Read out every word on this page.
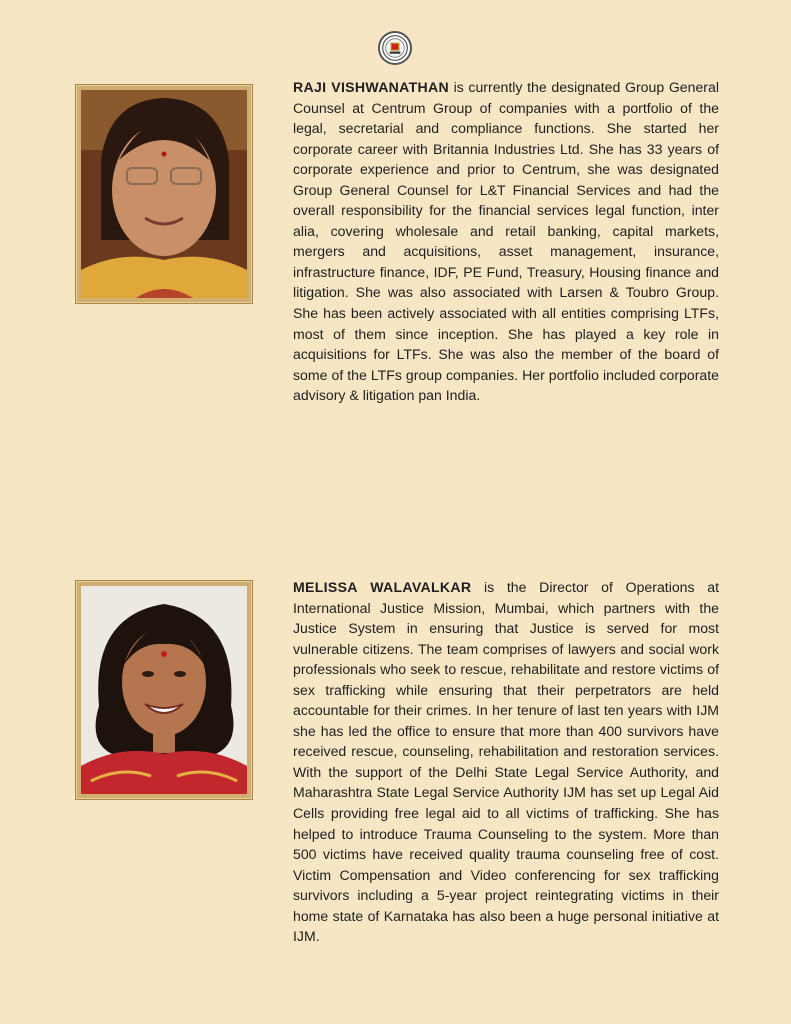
RAJI VISHWANATHAN is currently the designated Group General Counsel at Centrum Group of companies with a portfolio of the legal, secretarial and compliance functions. She started her corporate career with Britannia Industries Ltd. She has 33 years of corporate experience and prior to Centrum, she was designated Group General Counsel for L&T Financial Services and had the overall responsibility for the financial services legal function, inter alia, covering wholesale and retail banking, capital markets, mergers and acquisitions, asset management, insurance, infrastructure finance, IDF, PE Fund, Treasury, Housing finance and litigation. She was also associated with Larsen & Toubro Group. She has been actively associated with all entities comprising LTFs, most of them since inception. She has played a key role in acquisitions for LTFs. She was also the member of the board of some of the LTFs group companies. Her portfolio included corporate advisory & litigation pan India.

MELISSA WALAVALKAR is the Director of Operations at International Justice Mission, Mumbai, which partners with the Justice System in ensuring that Justice is served for most vulnerable citizens. The team comprises of lawyers and social work professionals who seek to rescue, rehabilitate and restore victims of sex trafficking while ensuring that their perpetrators are held accountable for their crimes. In her tenure of last ten years with IJM she has led the office to ensure that more than 400 survivors have received rescue, counseling, rehabilitation and restoration services. With the support of the Delhi State Legal Service Authority, and Maharashtra State Legal Service Authority IJM has set up Legal Aid Cells providing free legal aid to all victims of trafficking. She has helped to introduce Trauma Counseling to the system. More than 500 victims have received quality trauma counseling free of cost. Victim Compensation and Video conferencing for sex trafficking survivors including a 5-year project reintegrating victims in their home state of Karnataka has also been a huge personal initiative at IJM.
